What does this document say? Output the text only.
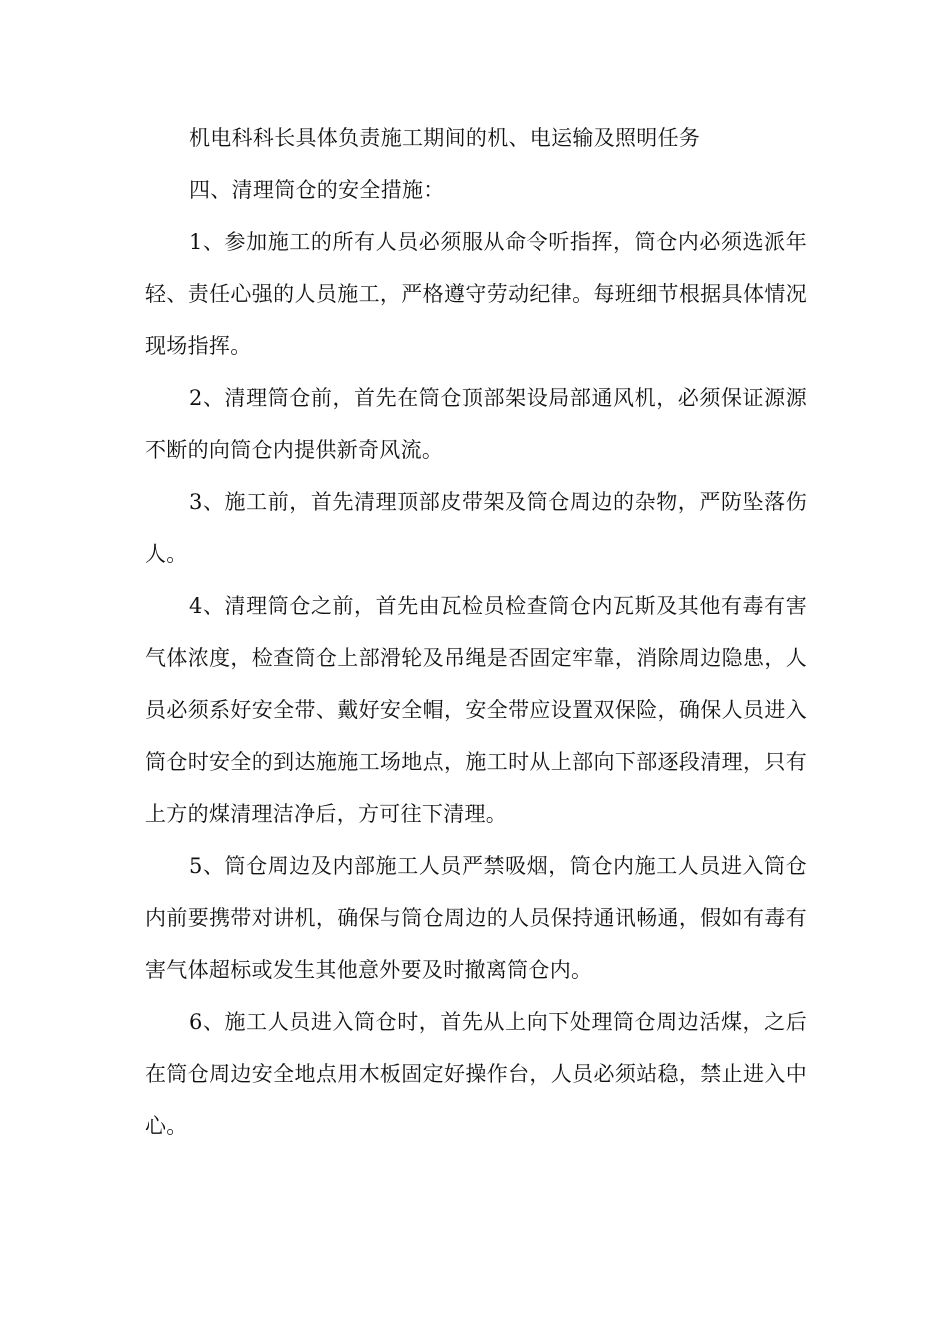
机电科科长具体负责施工期间的机、电运输及照明任务

四、清理筒仓的安全措施：

1、参加施工的所有人员必须服从命令听指挥，筒仓内必须选派年轻、责任心强的人员施工，严格遵守劳动纪律。每班细节根据具体情况现场指挥。

2、清理筒仓前，首先在筒仓顶部架设局部通风机，必须保证源源不断的向筒仓内提供新奇风流。

3、施工前，首先清理顶部皮带架及筒仓周边的杂物，严防坠落伤人。

4、清理筒仓之前，首先由瓦检员检查筒仓内瓦斯及其他有毒有害气体浓度，检查筒仓上部滑轮及吊绳是否固定牢靠，消除周边隐患，人员必须系好安全带、戴好安全帽，安全带应设置双保险，确保人员进入筒仓时安全的到达施施工场地点，施工时从上部向下部逐段清理，只有上方的煤清理洁净后，方可往下清理。

5、筒仓周边及内部施工人员严禁吸烟，筒仓内施工人员进入筒仓内前要携带对讲机，确保与筒仓周边的人员保持通讯畅通，假如有毒有害气体超标或发生其他意外要及时撤离筒仓内。

6、施工人员进入筒仓时，首先从上向下处理筒仓周边活煤，之后在筒仓周边安全地点用木板固定好操作台，人员必须站稳，禁止进入中心。
